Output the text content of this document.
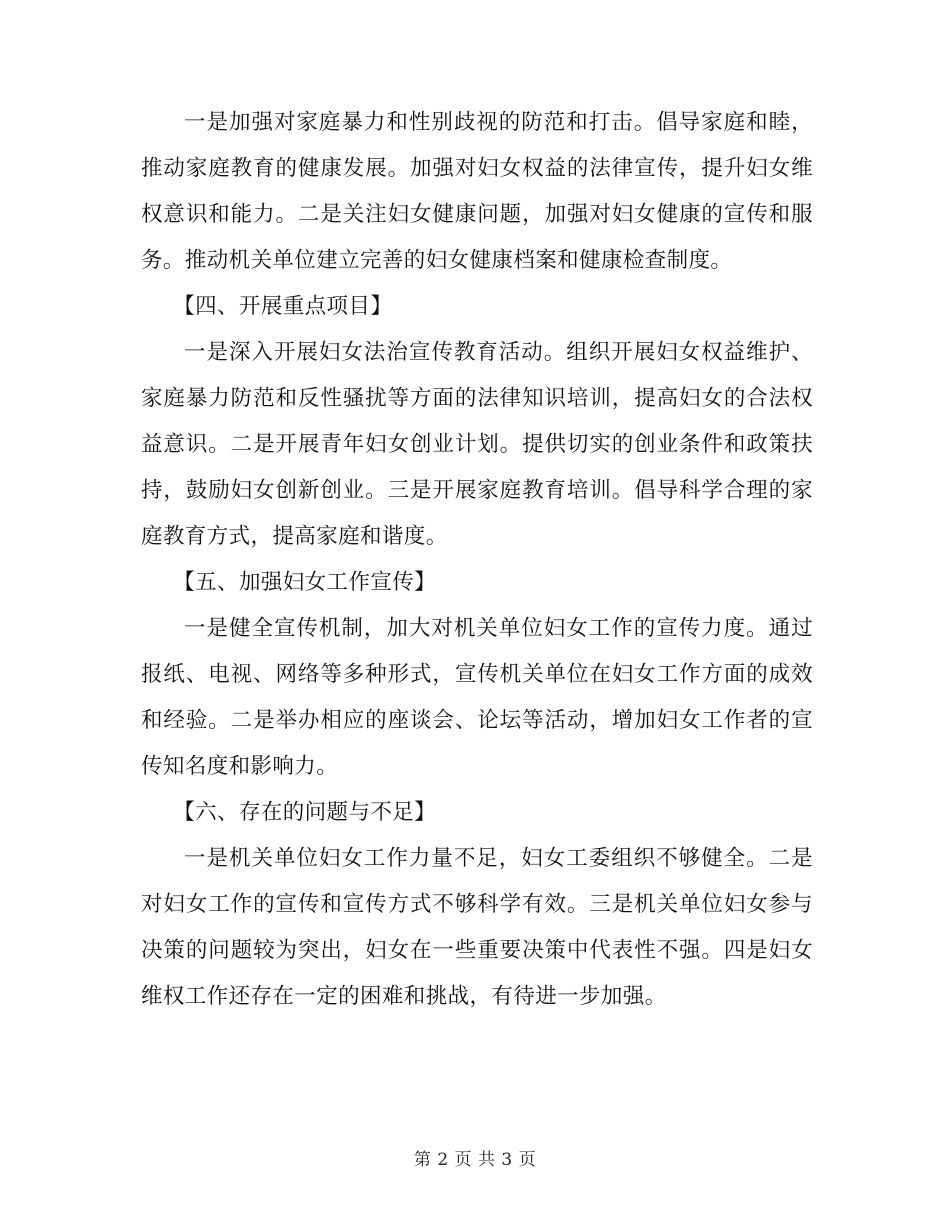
一是加强对家庭暴力和性别歧视的防范和打击。倡导家庭和睦，推动家庭教育的健康发展。加强对妇女权益的法律宣传，提升妇女维权意识和能力。二是关注妇女健康问题，加强对妇女健康的宣传和服务。推动机关单位建立完善的妇女健康档案和健康检查制度。

【四、开展重点项目】

一是深入开展妇女法治宣传教育活动。组织开展妇女权益维护、家庭暴力防范和反性骚扰等方面的法律知识培训，提高妇女的合法权益意识。二是开展青年妇女创业计划。提供切实的创业条件和政策扶持，鼓励妇女创新创业。三是开展家庭教育培训。倡导科学合理的家庭教育方式，提高家庭和谐度。

【五、加强妇女工作宣传】

一是健全宣传机制，加大对机关单位妇女工作的宣传力度。通过报纸、电视、网络等多种形式，宣传机关单位在妇女工作方面的成效和经验。二是举办相应的座谈会、论坛等活动，增加妇女工作者的宣传知名度和影响力。

【六、存在的问题与不足】

一是机关单位妇女工作力量不足，妇女工委组织不够健全。二是对妇女工作的宣传和宣传方式不够科学有效。三是机关单位妇女参与决策的问题较为突出，妇女在一些重要决策中代表性不强。四是妇女维权工作还存在一定的困难和挑战，有待进一步加强。

第 2 页 共 3 页
